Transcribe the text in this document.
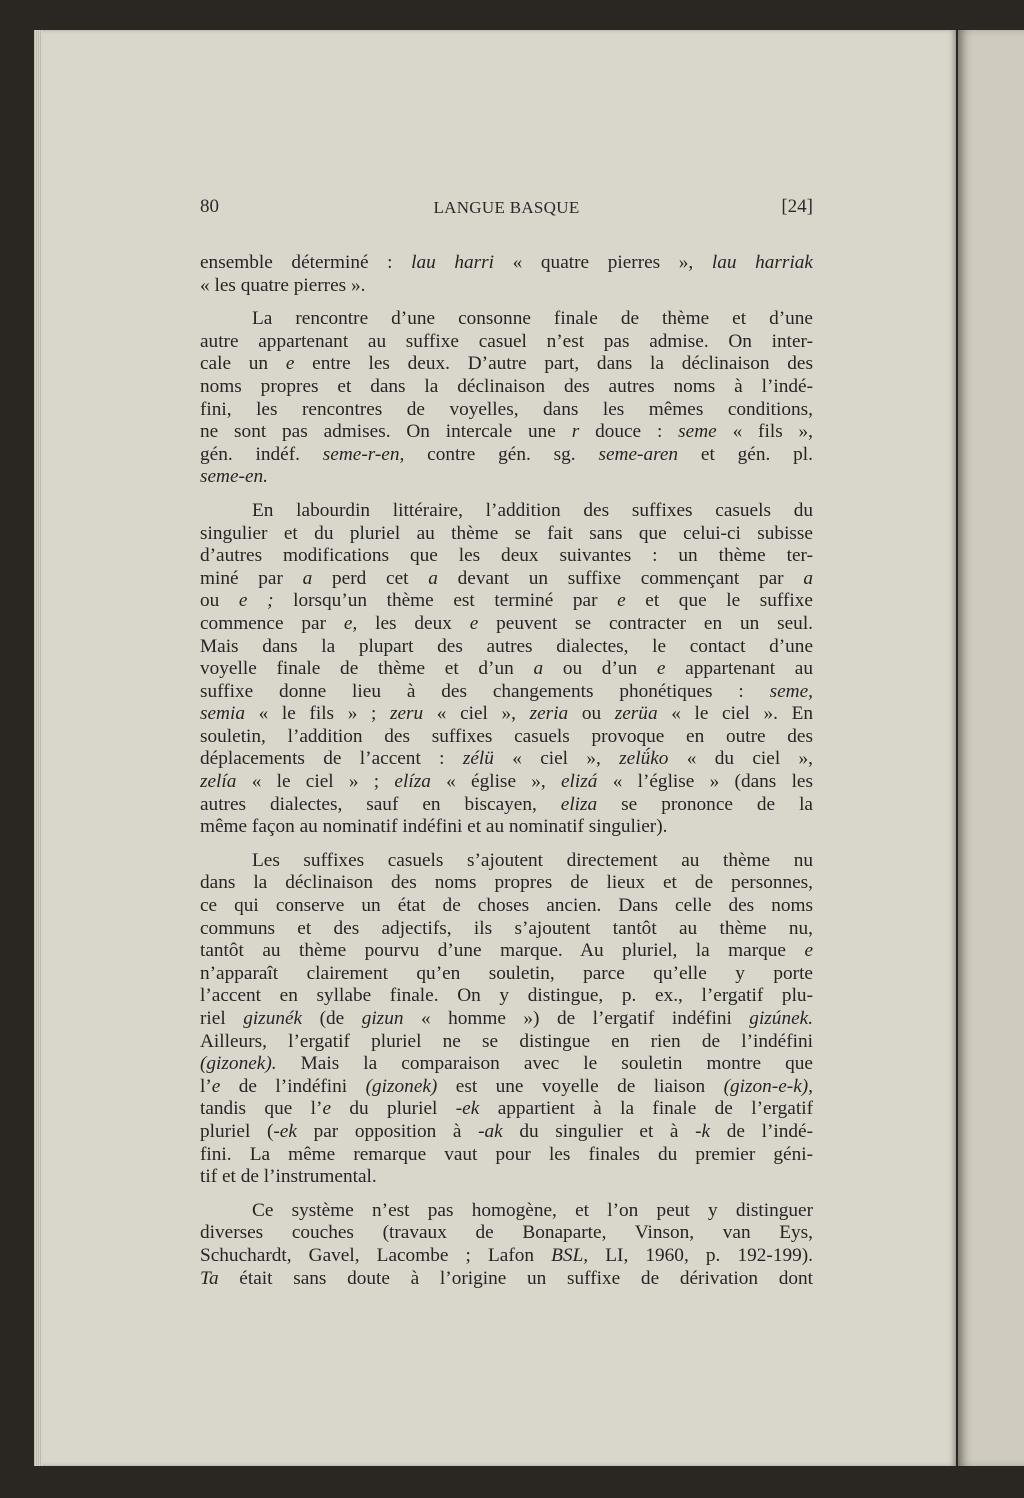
80	LANGUE BASQUE	[24]
ensemble déterminé : lau harri « quatre pierres », lau harriak
« les quatre pierres ».
La rencontre d’une consonne finale de thème et d’une
autre appartenant au suffixe casuel n’est pas admise. On inter-
cale un e entre les deux. D’autre part, dans la déclinaison des
noms propres et dans la déclinaison des autres noms à l’indé-
fini, les rencontres de voyelles, dans les mêmes conditions,
ne sont pas admises. On intercale une r douce : seme « fils »,
gén. indéf. seme-r-en, contre gén. sg. seme-aren et gén. pl.
seme-en.
En labourdin littéraire, l’addition des suffixes casuels du
singulier et du pluriel au thème se fait sans que celui-ci subisse
d’autres modifications que les deux suivantes : un thème ter-
miné par a perd cet a devant un suffixe commençant par a
ou e ; lorsqu’un thème est terminé par e et que le suffixe
commence par e, les deux e peuvent se contracter en un seul.
Mais dans la plupart des autres dialectes, le contact d’une
voyelle finale de thème et d’un a ou d’un e appartenant au
suffixe donne lieu à des changements phonétiques : seme,
semia « le fils » ; zeru « ciel », zeria ou zerüa « le ciel ». En
souletin, l’addition des suffixes casuels provoque en outre des
déplacements de l’accent : zélü « ciel », zelǘko « du ciel »,
zelía « le ciel » ; elíza « église », elizá « l’église » (dans les
autres dialectes, sauf en biscayen, eliza se prononce de la
même façon au nominatif indéfini et au nominatif singulier).
Les suffixes casuels s’ajoutent directement au thème nu
dans la déclinaison des noms propres de lieux et de personnes,
ce qui conserve un état de choses ancien. Dans celle des noms
communs et des adjectifs, ils s’ajoutent tantôt au thème nu,
tantôt au thème pourvu d’une marque. Au pluriel, la marque e
n’apparaît clairement qu’en souletin, parce qu’elle y porte
l’accent en syllabe finale. On y distingue, p. ex., l’ergatif plu-
riel gizunék (de gizun « homme ») de l’ergatif indéfini gizúnek.
Ailleurs, l’ergatif pluriel ne se distingue en rien de l’indéfini
(gizonek). Mais la comparaison avec le souletin montre que
l’e de l’indéfini (gizonek) est une voyelle de liaison (gizon-e-k),
tandis que l’e du pluriel -ek appartient à la finale de l’ergatif
pluriel (-ek par opposition à -ak du singulier et à -k de l’indé-
fini. La même remarque vaut pour les finales du premier géni-
tif et de l’instrumental.
Ce système n’est pas homogène, et l’on peut y distinguer
diverses couches (travaux de Bonaparte, Vinson, van Eys,
Schuchardt, Gavel, Lacombe ; Lafon BSL, LI, 1960, p. 192-199).
Ta était sans doute à l’origine un suffixe de dérivation dont
